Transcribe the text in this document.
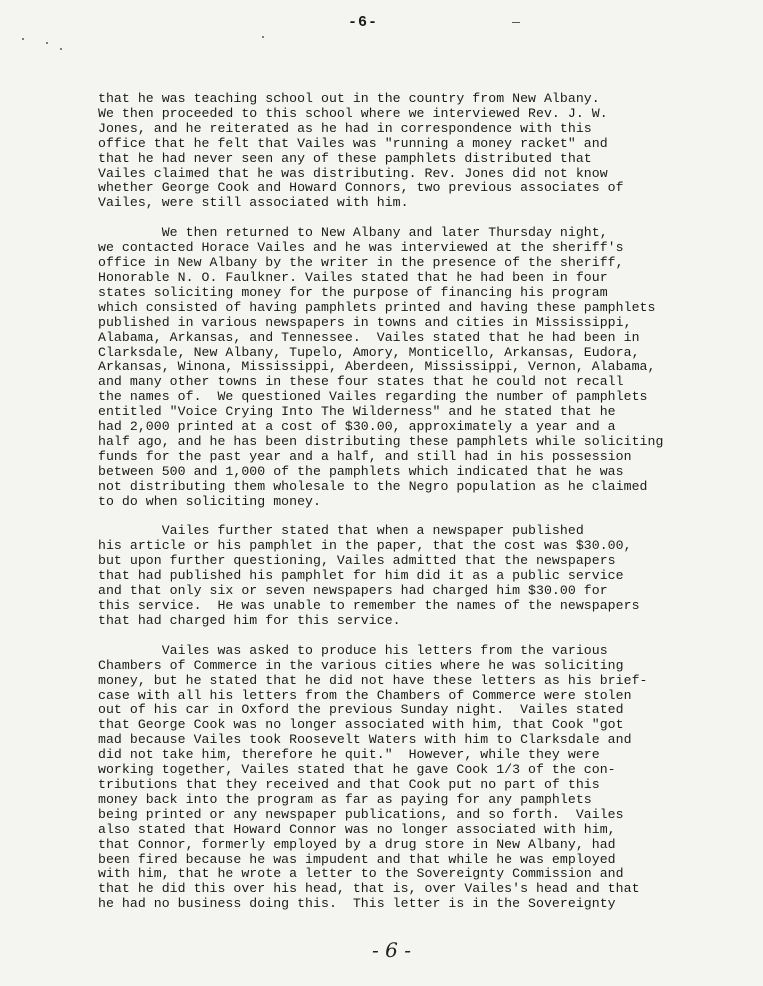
-6-

that he was teaching school out in the country from New Albany.

We then proceeded to this school where we interviewed Rev. J. W.

Jones, and he reiterated as he had in correspondence with this

office that he felt that Vailes was "running a money racket" and

that he had never seen any of these pamphlets distributed that

Vailes claimed that he was distributing. Rev. Jones did not know

whether George Cook and Howard Connors, two previous associates of

Vailes, were still associated with him.

We then returned to New Albany and later Thursday night,

we contacted Horace Vailes and he was interviewed at the sheriff's

office in New Albany by the writer in the presence of the sheriff,

Honorable N. O. Faulkner. Vailes stated that he had been in four

states soliciting money for the purpose of financing his program

which consisted of having pamphlets printed and having these pamphlets

published in various newspapers in towns and cities in Mississippi,

Alabama, Arkansas, and Tennessee.  Vailes stated that he had been in

Clarksdale, New Albany, Tupelo, Amory, Monticello, Arkansas, Eudora,

Arkansas, Winona, Mississippi, Aberdeen, Mississippi, Vernon, Alabama,

and many other towns in these four states that he could not recall

the names of.  We questioned Vailes regarding the number of pamphlets

entitled "Voice Crying Into The Wilderness" and he stated that he

had 2,000 printed at a cost of $30.00, approximately a year and a

half ago, and he has been distributing these pamphlets while soliciting

funds for the past year and a half, and still had in his possession

between 500 and 1,000 of the pamphlets which indicated that he was

not distributing them wholesale to the Negro population as he claimed

to do when soliciting money.

Vailes further stated that when a newspaper published

his article or his pamphlet in the paper, that the cost was $30.00,

but upon further questioning, Vailes admitted that the newspapers

that had published his pamphlet for him did it as a public service

and that only six or seven newspapers had charged him $30.00 for

this service.  He was unable to remember the names of the newspapers

that had charged him for this service.

Vailes was asked to produce his letters from the various

Chambers of Commerce in the various cities where he was soliciting

money, but he stated that he did not have these letters as his brief-

case with all his letters from the Chambers of Commerce were stolen

out of his car in Oxford the previous Sunday night.  Vailes stated

that George Cook was no longer associated with him, that Cook "got

mad because Vailes took Roosevelt Waters with him to Clarksdale and

did not take him, therefore he quit."  However, while they were

working together, Vailes stated that he gave Cook 1/3 of the con-

tributions that they received and that Cook put no part of this

money back into the program as far as paying for any pamphlets

being printed or any newspaper publications, and so forth.  Vailes

also stated that Howard Connor was no longer associated with him,

that Connor, formerly employed by a drug store in New Albany, had

been fired because he was impudent and that while he was employed

with him, that he wrote a letter to the Sovereignty Commission and

that he did this over his head, that is, over Vailes's head and that

he had no business doing this.  This letter is in the Sovereignty

- 6 -
